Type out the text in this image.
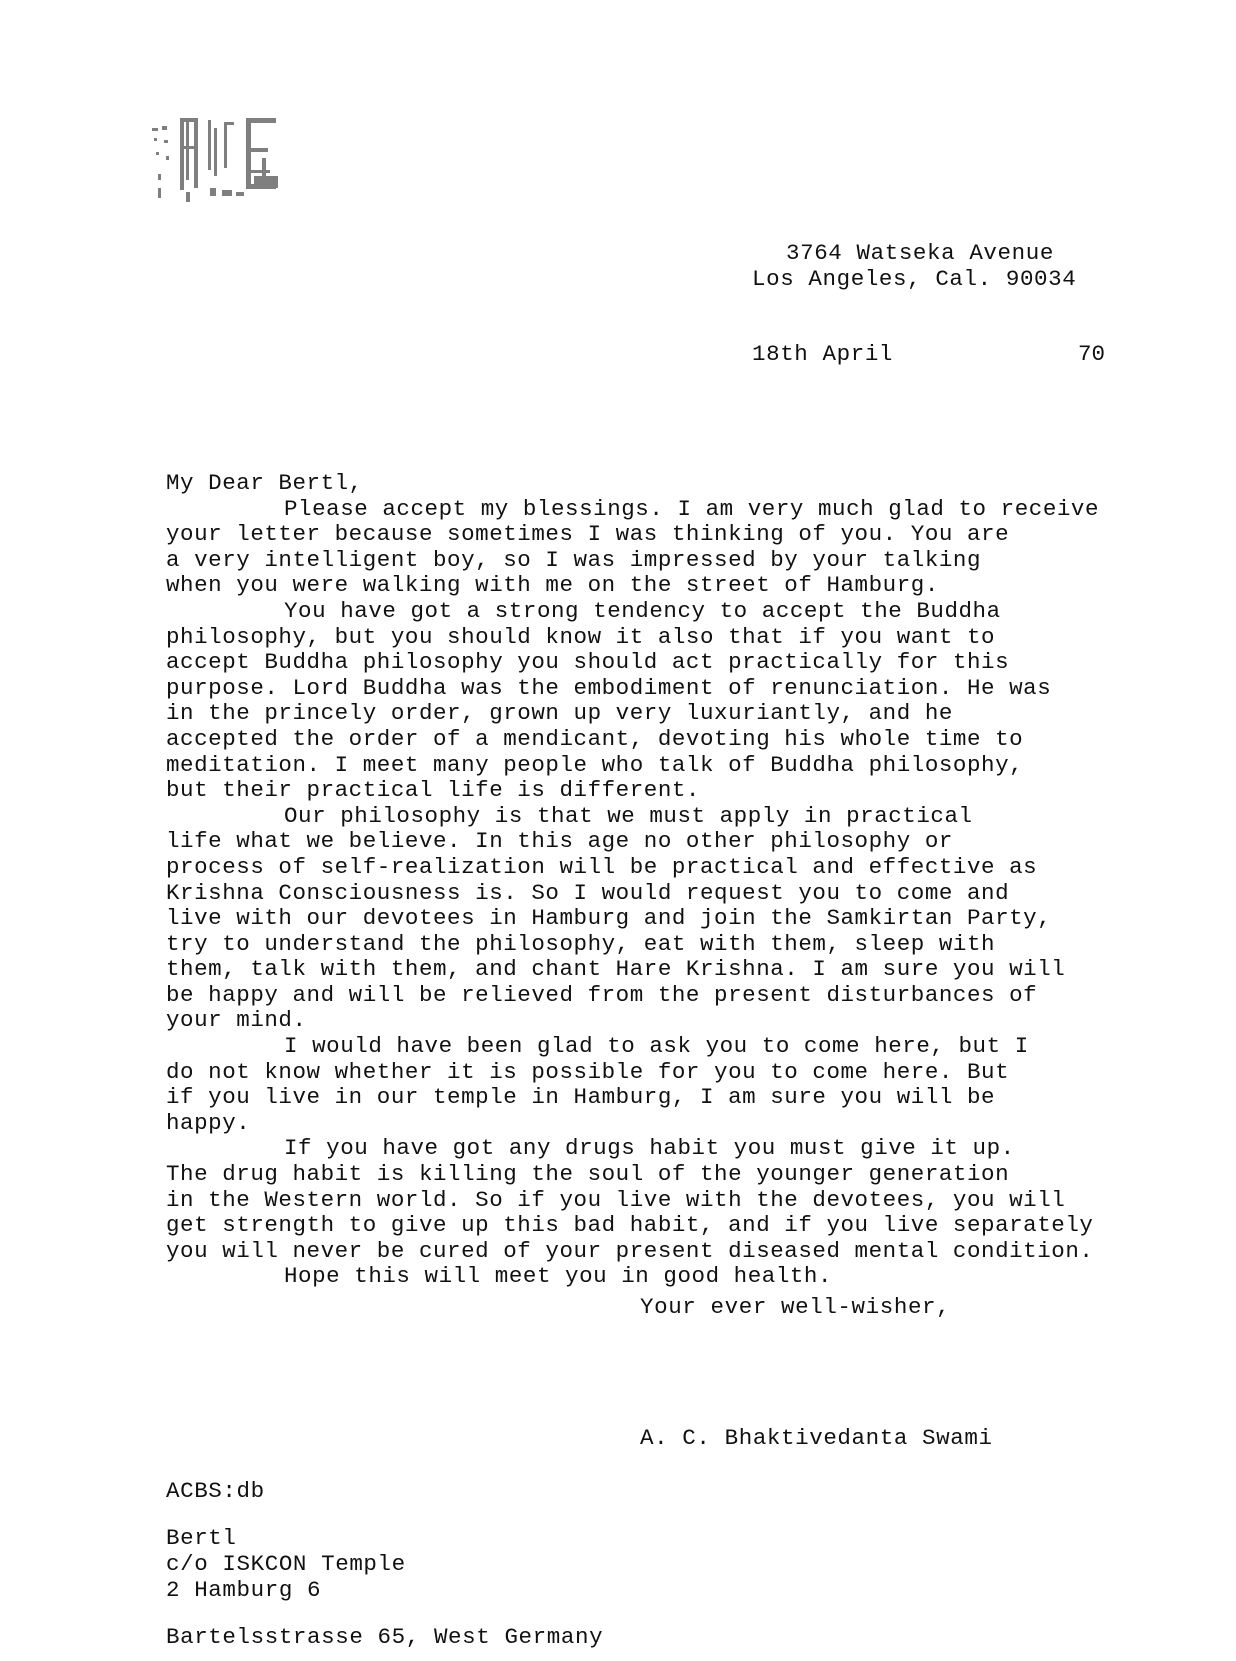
3764 Watseka Avenue
Los Angeles, Cal. 90034
18th April	70

My Dear Bertl,

Please accept my blessings. I am very much glad to receive
your letter because sometimes I was thinking of you. You are
a very intelligent boy, so I was impressed by your talking
when you were walking with me on the street of Hamburg.

You have got a strong tendency to accept the Buddha
philosophy, but you should know it also that if you want to
accept Buddha philosophy you should act practically for this
purpose. Lord Buddha was the embodiment of renunciation. He was
in the princely order, grown up very luxuriantly, and he
accepted the order of a mendicant, devoting his whole time to
meditation. I meet many people who talk of Buddha philosophy,
but their practical life is different.

Our philosophy is that we must apply in practical
life what we believe. In this age no other philosophy or
process of self-realization will be practical and effective as
Krishna Consciousness is. So I would request you to come and
live with our devotees in Hamburg and join the Samkirtan Party,
try to understand the philosophy, eat with them, sleep with
them, talk with them, and chant Hare Krishna. I am sure you will
be happy and will be relieved from the present disturbances of
your mind.

I would have been glad to ask you to come here, but I
do not know whether it is possible for you to come here. But
if you live in our temple in Hamburg, I am sure you will be
happy.

If you have got any drugs habit you must give it up.
The drug habit is killing the soul of the younger generation
in the Western world. So if you live with the devotees, you will
get strength to give up this bad habit, and if you live separately
you will never be cured of your present diseased mental condition.

Hope this will meet you in good health.

Your ever well-wisher,
A. C. Bhaktivedanta Swami
ACBS:db
Bertl
c/o ISKCON Temple
2 Hamburg 6
Bartelsstrasse 65, West Germany
